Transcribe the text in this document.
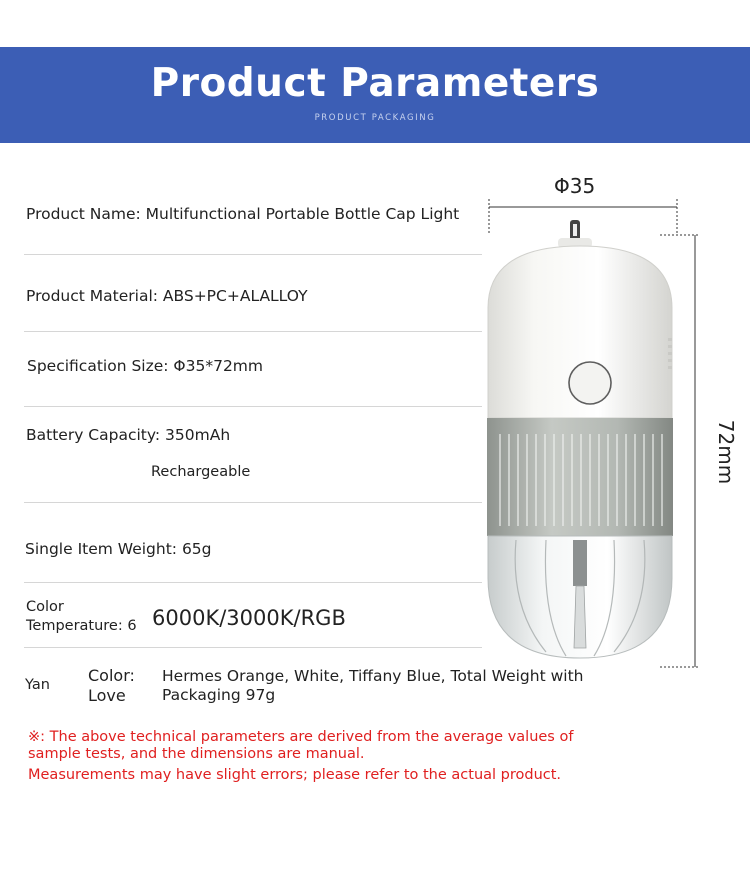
Product Parameters
PRODUCT PACKAGING
Product Name: Multifunctional Portable Bottle Cap Light
Product Material: ABS+PC+ALALLOY
Specification Size: Φ35*72mm
Battery Capacity: 350mAh
Rechargeable
Single Item Weight: 65g
Color Temperature: 6 6000K/3000K/RGB
Yan Color: Love
Hermes Orange, White, Tiffany Blue, Total Weight with Packaging 97g
※: The above technical parameters are derived from the average values of sample tests, and the dimensions are manual.
Measurements may have slight errors; please refer to the actual product.
Φ35
72mm
